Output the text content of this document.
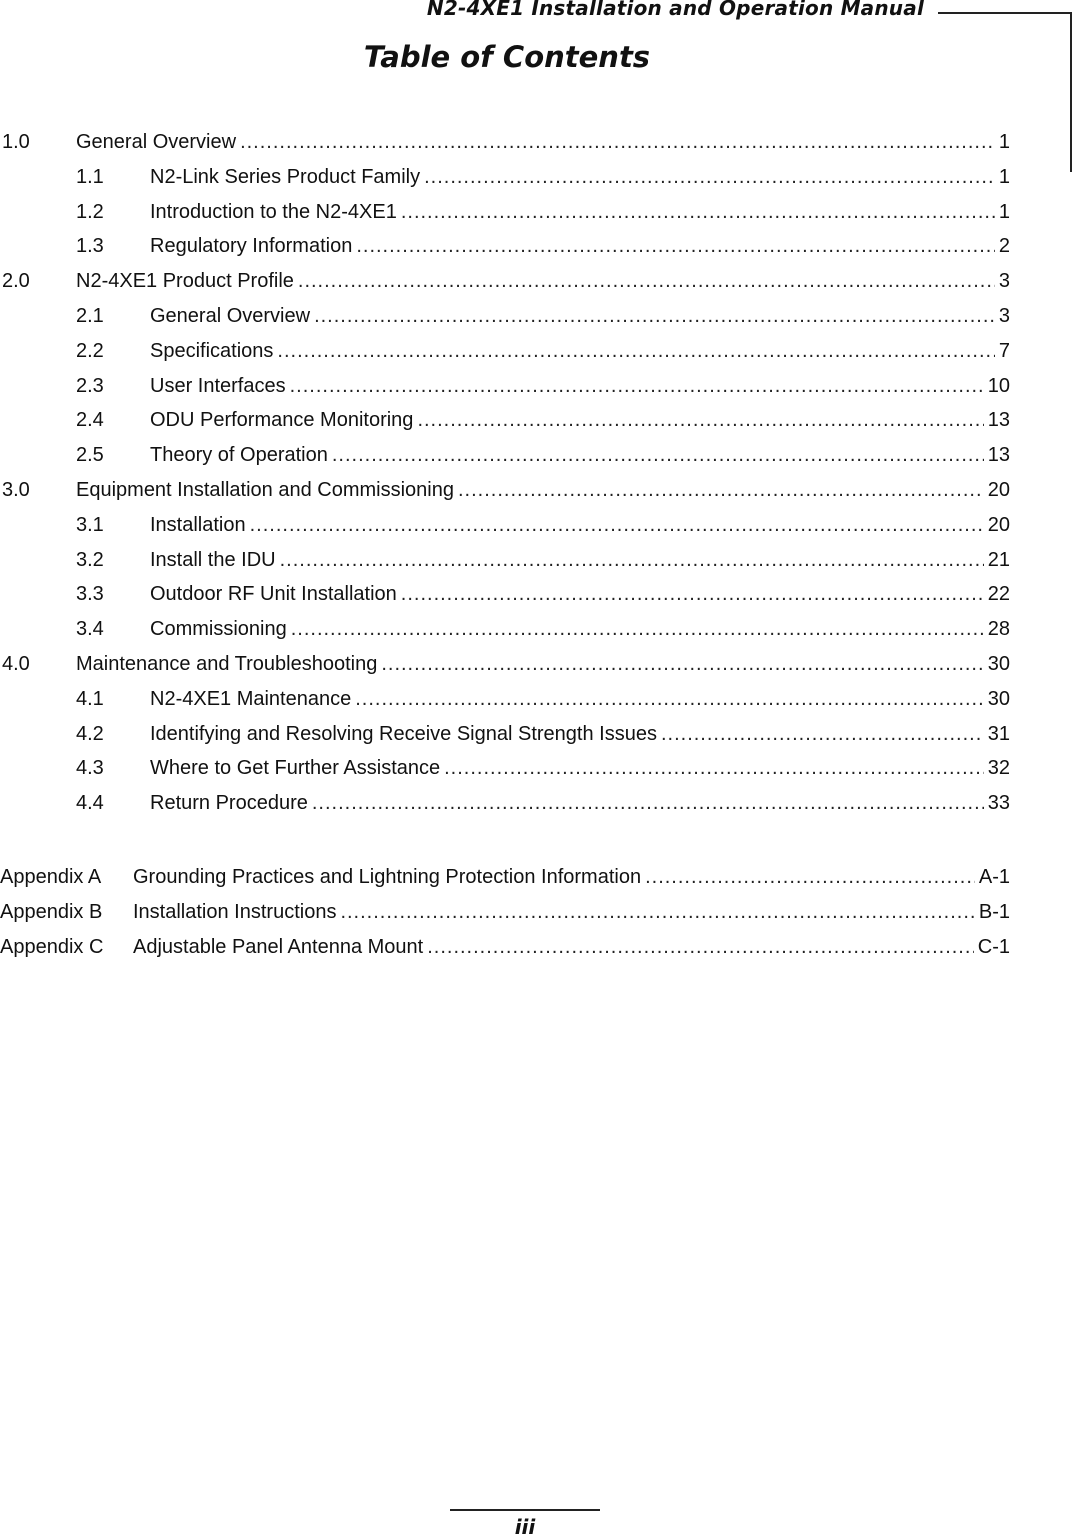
N2-4XE1 Installation and Operation Manual
Table of Contents
1.0	General Overview .....	1
1.1	N2-Link Series Product Family .....	1
1.2	Introduction to the N2-4XE1 .....	1
1.3	Regulatory Information .....	2
2.0	N2-4XE1 Product Profile .....	3
2.1	General Overview .....	3
2.2	Specifications .....	7
2.3	User Interfaces .....	10
2.4	ODU Performance Monitoring .....	13
2.5	Theory of Operation .....	13
3.0	Equipment Installation and Commissioning .....	20
3.1	Installation .....	20
3.2	Install the IDU .....	21
3.3	Outdoor RF Unit Installation .....	22
3.4	Commissioning .....	28
4.0	Maintenance and Troubleshooting .....	30
4.1	N2-4XE1 Maintenance .....	30
4.2	Identifying and Resolving Receive Signal Strength Issues .....	31
4.3	Where to Get Further Assistance .....	32
4.4	Return Procedure .....	33
Appendix A	Grounding Practices and Lightning Protection Information .....	A-1
Appendix B	Installation Instructions .....	B-1
Appendix C	Adjustable Panel Antenna Mount .....	C-1
iii
